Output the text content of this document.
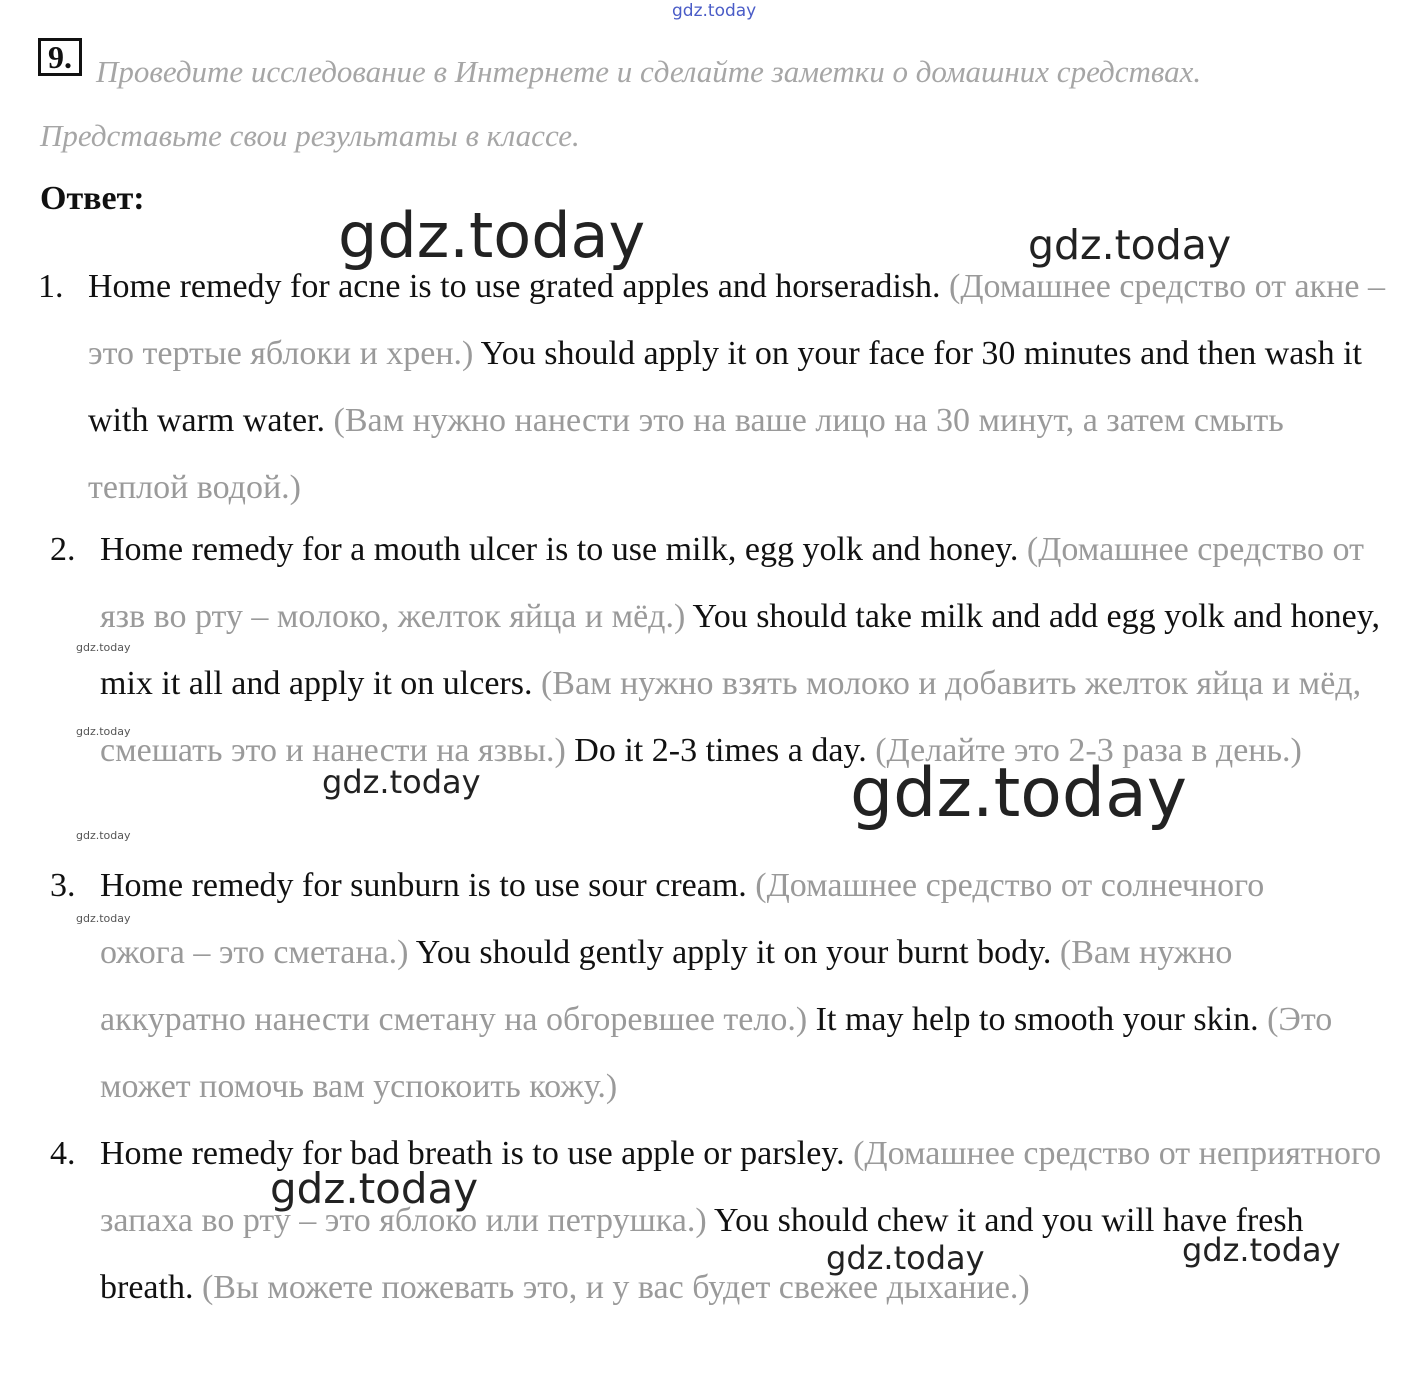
gdz.today
gdz.today	gdz.today
gdz.today
gdz.today
gdz.today
gdz.today
gdz.today	gdz.today
gdz.today
gdz.today	gdz.today
9. Проведите исследование в Интернете и сделайте заметки о домашних средствах. Представьте свои результаты в классе.
Ответ:
1. Home remedy for acne is to use grated apples and horseradish. (Домашнее средство от акне – это тертые яблоки и хрен.) You should apply it on your face for 30 minutes and then wash it with warm water. (Вам нужно нанести это на ваше лицо на 30 минут, а затем смыть теплой водой.)

2. Home remedy for a mouth ulcer is to use milk, egg yolk and honey. (Домашнее средство от язв во рту – молоко, желток яйца и мёд.) You should take milk and add egg yolk and honey, mix it all and apply it on ulcers. (Вам нужно взять молоко и добавить желток яйца и мёд, смешать это и нанести на язвы.) Do it 2-3 times a day. (Делайте это 2-3 раза в день.)

3. Home remedy for sunburn is to use sour cream. (Домашнее средство от солнечного ожога – это сметана.) You should gently apply it on your burnt body. (Вам нужно аккуратно нанести сметану на обгоревшее тело.) It may help to smooth your skin. (Это может помочь вам успокоить кожу.)

4. Home remedy for bad breath is to use apple or parsley. (Домашнее средство от неприятного запаха во рту – это яблоко или петрушка.) You should chew it and you will have fresh breath. (Вы можете пожевать это, и у вас будет свежее дыхание.)
